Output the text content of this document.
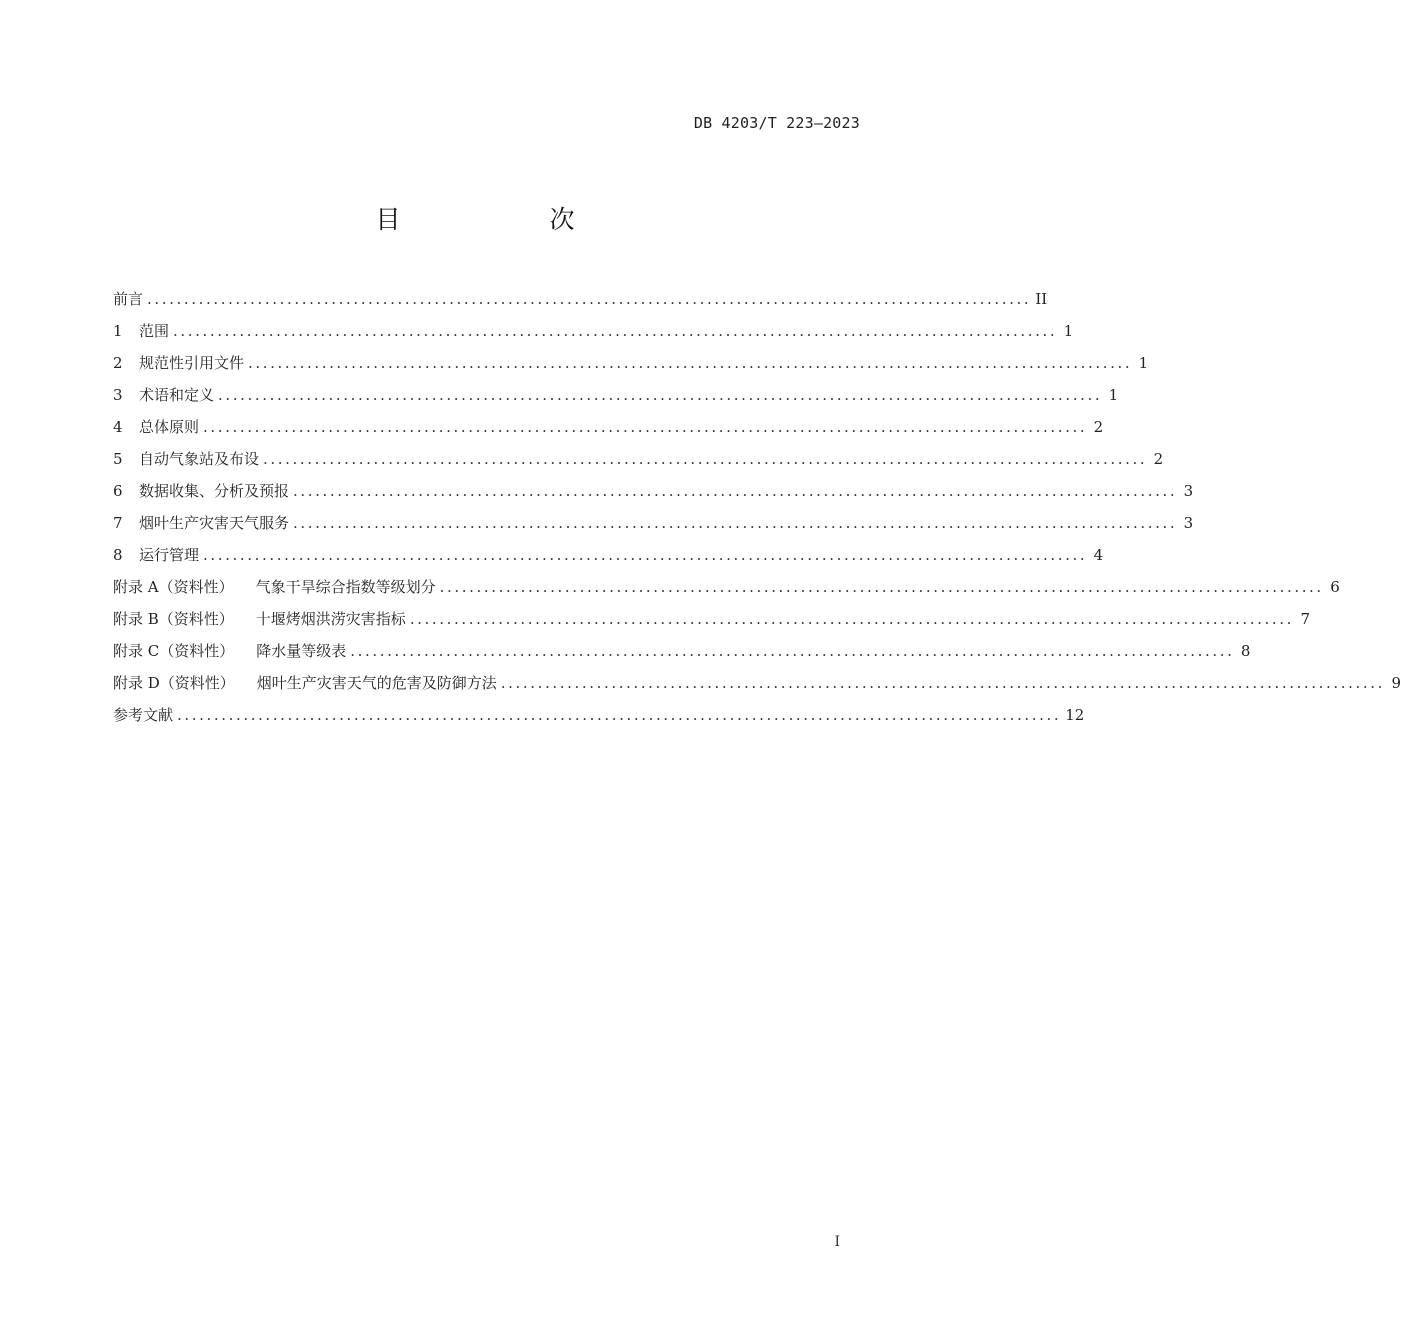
DB 4203/T 223—2023
目　次
前言 ........................................................................................................................ II
1	范围 ........................................................................................................................ 1
2	规范性引用文件 ........................................................................................................................ 1
3	术语和定义 ........................................................................................................................ 1
4	总体原则 ........................................................................................................................ 2
5	自动气象站及布设 ........................................................................................................................ 2
6	数据收集、分析及预报 ........................................................................................................................ 3
7	烟叶生产灾害天气服务 ........................................................................................................................ 3
8	运行管理 ........................................................................................................................ 4
附录 A（资料性） 气象干旱综合指数等级划分 ........................................................................................................................ 6
附录 B（资料性） 十堰烤烟洪涝灾害指标 ........................................................................................................................ 7
附录 C（资料性） 降水量等级表 ........................................................................................................................ 8
附录 D（资料性） 烟叶生产灾害天气的危害及防御方法 ........................................................................................................................ 9
参考文献 ........................................................................................................................ 12
I
